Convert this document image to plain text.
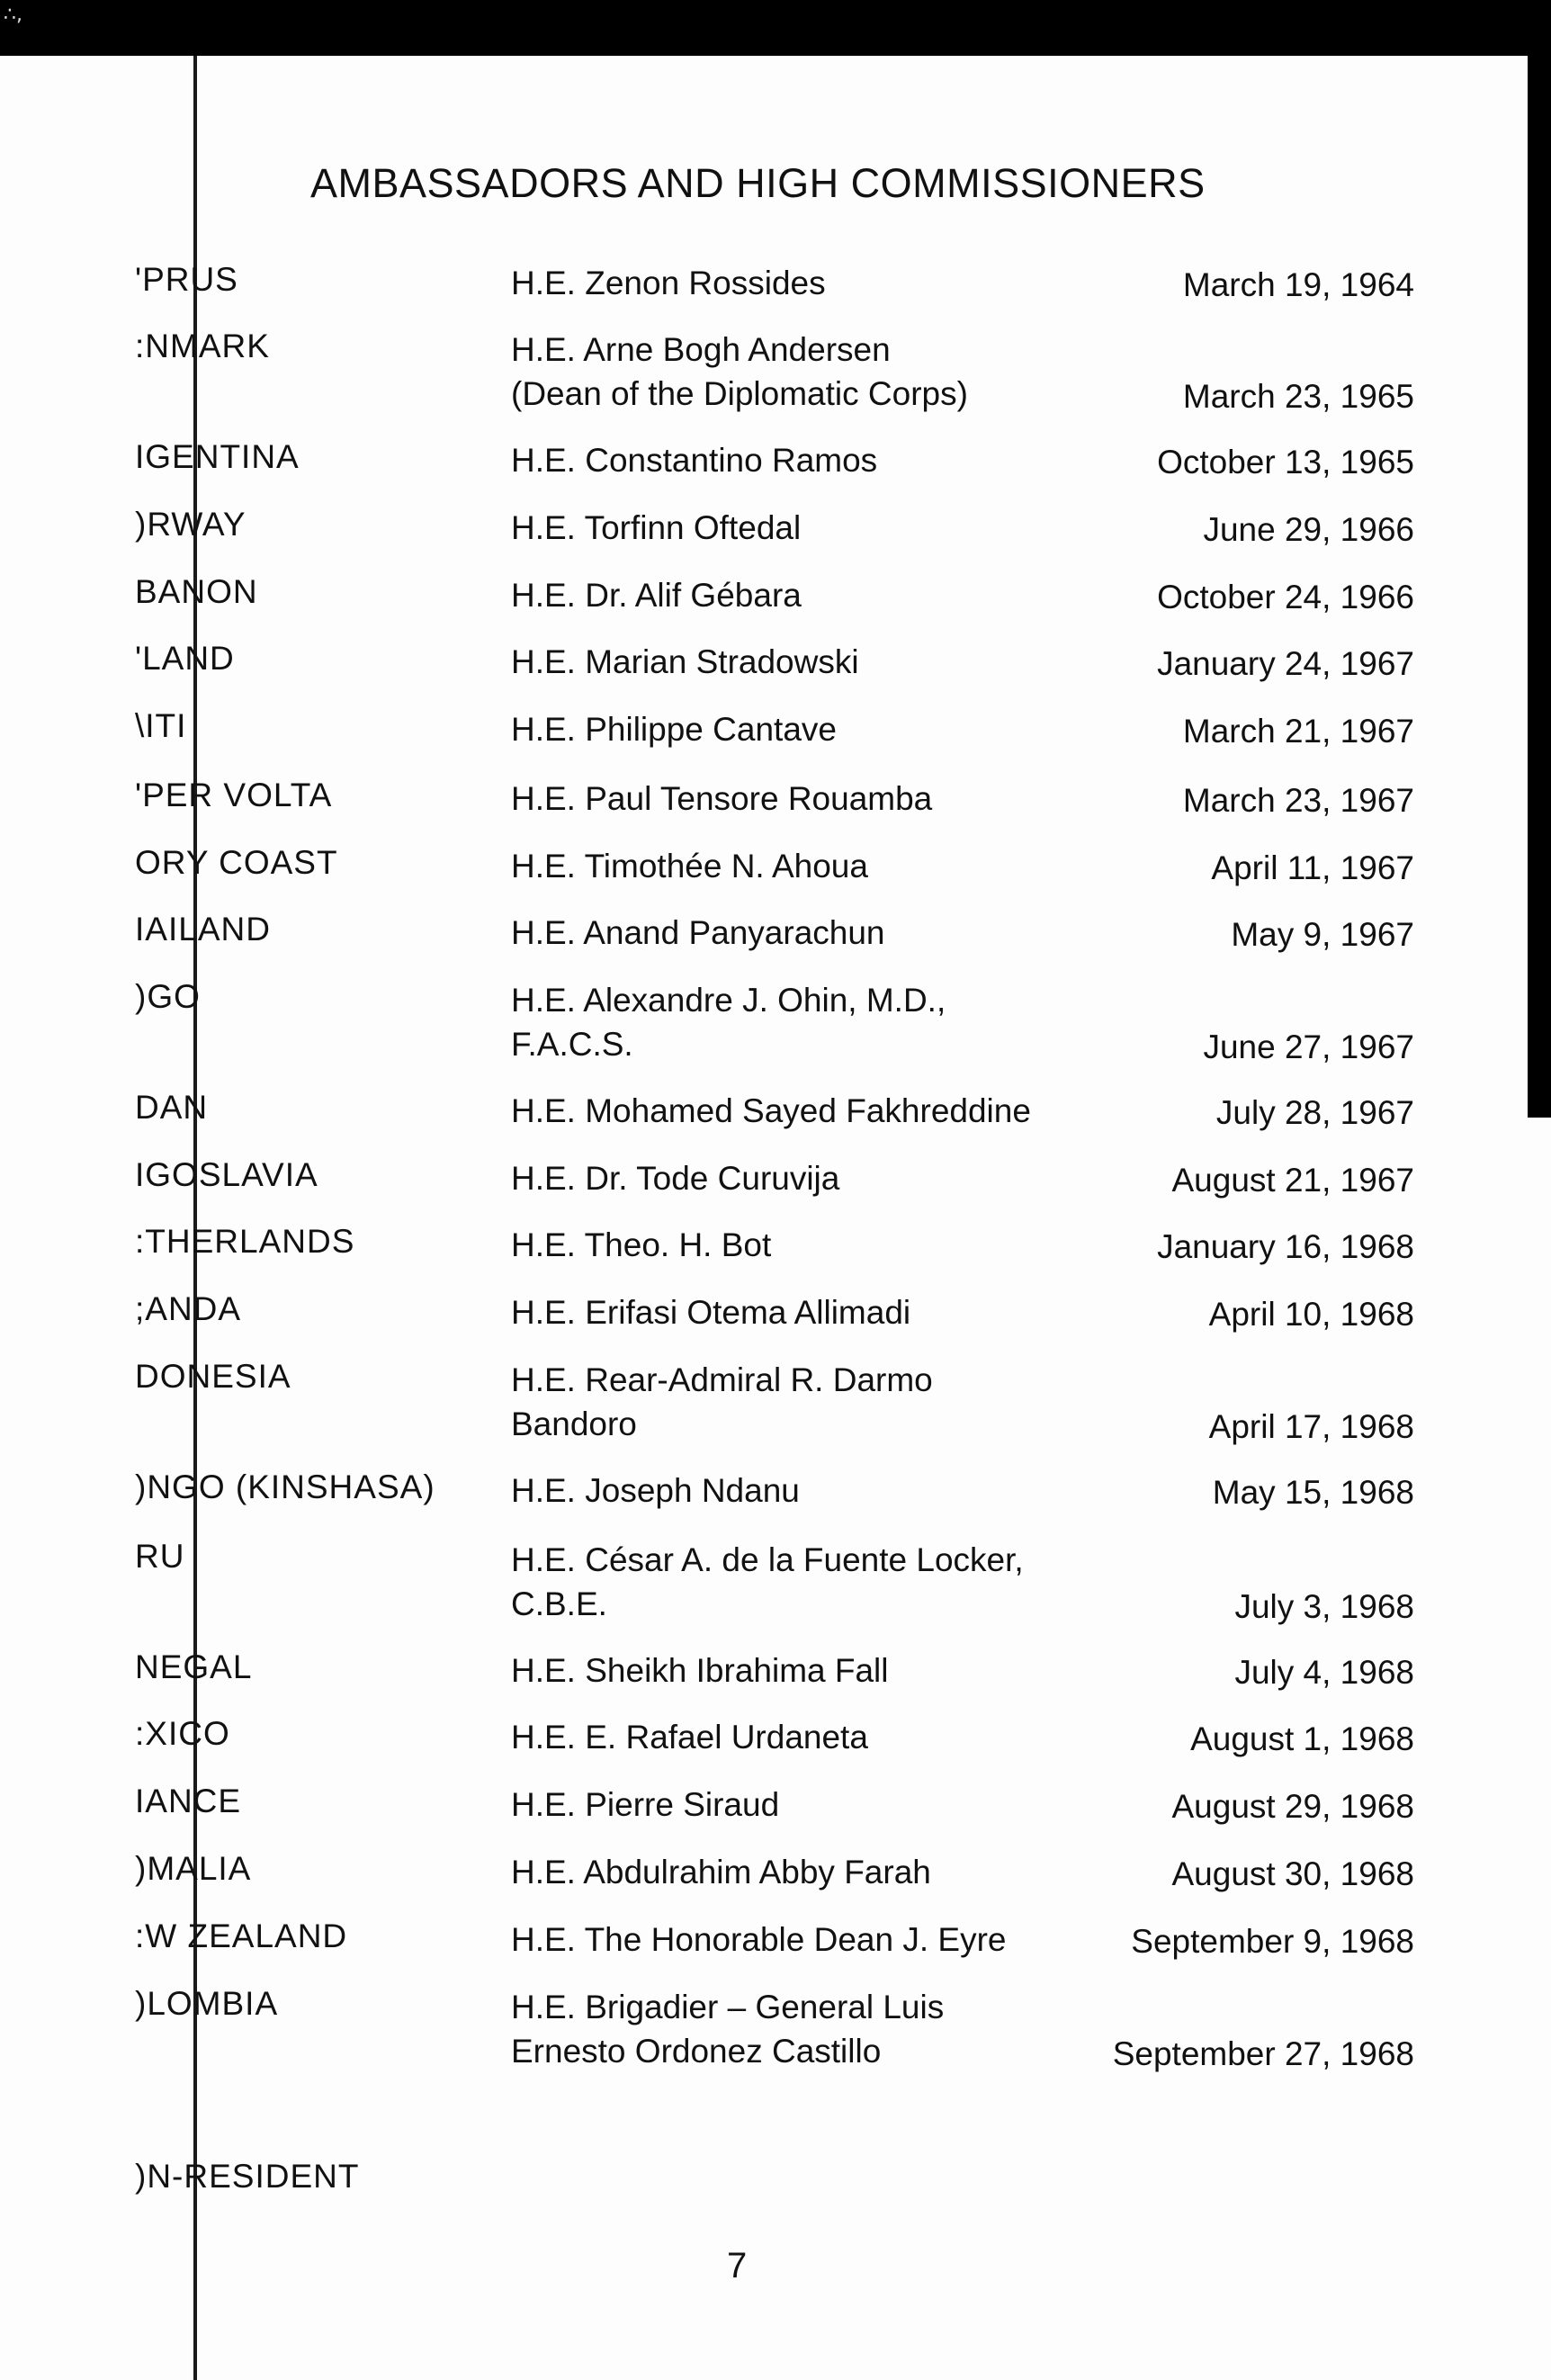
∴,
AMBASSADORS AND HIGH COMMISSIONERS
'PRUS	H.E. Zenon Rossides	March 19, 1964
:NMARK	H.E. Arne Bogh Andersen
(Dean of the Diplomatic Corps)	March 23, 1965
IGENTINA	H.E. Constantino Ramos	October 13, 1965
)RWAY	H.E. Torfinn Oftedal	June 29, 1966
BANON	H.E. Dr. Alif Gébara	October 24, 1966
'LAND	H.E. Marian Stradowski	January 24, 1967
\ITI	H.E. Philippe Cantave	March 21, 1967
'PER VOLTA	H.E. Paul Tensore Rouamba	March 23, 1967
ORY COAST	H.E. Timothée N. Ahoua	April 11, 1967
IAILAND	H.E. Anand Panyarachun	May 9, 1967
)GO	H.E. Alexandre J. Ohin, M.D.,
F.A.C.S.	June 27, 1967
DAN	H.E. Mohamed Sayed Fakhreddine	July 28, 1967
IGOSLAVIA	H.E. Dr. Tode Curuvija	August 21, 1967
:THERLANDS	H.E. Theo. H. Bot	January 16, 1968
;ANDA	H.E. Erifasi Otema Allimadi	April 10, 1968
DONESIA	H.E. Rear-Admiral R. Darmo
Bandoro	April 17, 1968
)NGO (KINSHASA) H.E. Joseph Ndanu	May 15, 1968
RU	H.E. César A. de la Fuente Locker,
C.B.E.	July 3, 1968
NEGAL	H.E. Sheikh Ibrahima Fall	July 4, 1968
:XICO	H.E. E. Rafael Urdaneta	August 1, 1968
IANCE	H.E. Pierre Siraud	August 29, 1968
)MALIA	H.E. Abdulrahim Abby Farah	August 30, 1968
:W ZEALAND	H.E. The Honorable Dean J. Eyre	September 9, 1968
)LOMBIA	H.E. Brigadier – General Luis
Ernesto Ordonez Castillo	September 27, 1968
)N-RESIDENT
7
